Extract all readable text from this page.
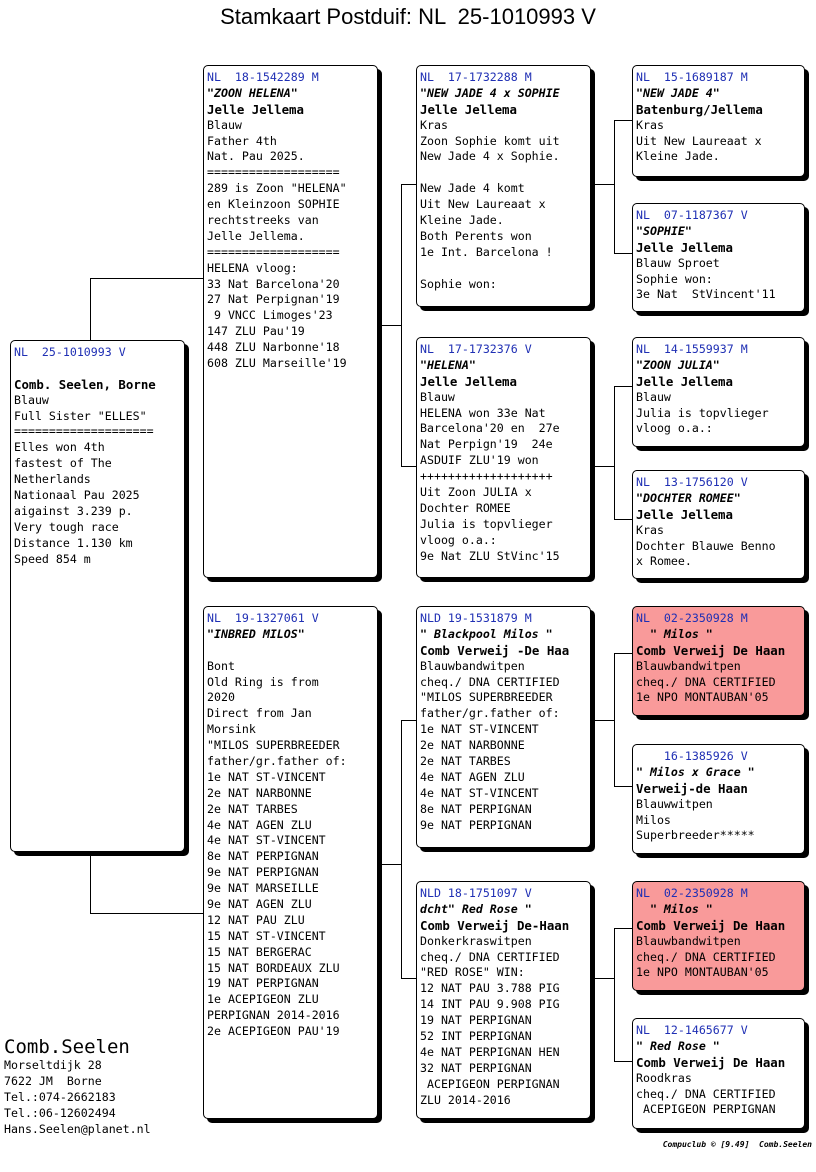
Stamkaart Postduif: NL  25-1010993 V
NL  25-1010993 V
Comb. Seelen, Borne
Blauw
Full Sister "ELLES"
====================
Elles won 4th
fastest of The
Netherlands
Nationaal Pau 2025
aigainst 3.239 p.
Very tough race
Distance 1.130 km
Speed 854 m
NL  18-1542289 M
"ZOON HELENA"
Jelle Jellema
Blauw
Father 4th
Nat. Pau 2025.
===================
289 is Zoon "HELENA"
en Kleinzoon SOPHIE
rechtstreeks van
Jelle Jellema.
===================
HELENA vloog:
33 Nat Barcelona'20
27 Nat Perpignan'19
9 VNCC Limoges'23
147 ZLU Pau'19
448 ZLU Narbonne'18
608 ZLU Marseille'19
NL  19-1327061 V
"INBRED MILOS"
Bont
Old Ring is from
2020
Direct from Jan
Morsink
"MILOS SUPERBREEDER
father/gr.father of:
1e NAT ST-VINCENT
2e NAT NARBONNE
2e NAT TARBES
4e NAT AGEN ZLU
4e NAT ST-VINCENT
8e NAT PERPIGNAN
9e NAT PERPIGNAN
9e NAT MARSEILLE
9e NAT AGEN ZLU
12 NAT PAU ZLU
15 NAT ST-VINCENT
15 NAT BERGERAC
15 NAT BORDEAUX ZLU
19 NAT PERPIGNAN
1e ACEPIGEON ZLU
PERPIGNAN 2014-2016
2e ACEPIGEON PAU'19
NL  17-1732288 M
"NEW JADE 4 x SOPHIE
Jelle Jellema
Kras
Zoon Sophie komt uit
New Jade 4 x Sophie.
New Jade 4 komt
Uit New Laureaat x
Kleine Jade.
Both Perents won
1e Int. Barcelona !
Sophie won:
NL  17-1732376 V
"HELENA"
Jelle Jellema
Blauw
HELENA won 33e Nat
Barcelona'20 en  27e
Nat Perpign'19  24e
ASDUIF ZLU'19 won
+++++++++++++++++++
Uit Zoon JULIA x
Dochter ROMEE
Julia is topvlieger
vloog o.a.:
9e Nat ZLU StVinc'15
NLD 19-1531879 M
" Blackpool Milos "
Comb Verweij -De Haa
Blauwbandwitpen
cheq./ DNA CERTIFIED
"MILOS SUPERBREEDER
father/gr.father of:
1e NAT ST-VINCENT
2e NAT NARBONNE
2e NAT TARBES
4e NAT AGEN ZLU
4e NAT ST-VINCENT
8e NAT PERPIGNAN
9e NAT PERPIGNAN
NLD 18-1751097 V
dcht" Red Rose "
Comb Verweij De-Haan
Donkerkraswitpen
cheq./ DNA CERTIFIED
"RED ROSE" WIN:
12 NAT PAU 3.788 PIG
14 INT PAU 9.908 PIG
19 NAT PERPIGNAN
52 INT PERPIGNAN
4e NAT PERPIGNAN HEN
32 NAT PERPIGNAN
ACEPIGEON PERPIGNAN
ZLU 2014-2016
NL  15-1689187 M
"NEW JADE 4"
Batenburg/Jellema
Kras
Uit New Laureaat x
Kleine Jade.
NL  07-1187367 V
"SOPHIE"
Jelle Jellema
Blauw Sproet
Sophie won:
3e Nat  StVincent'11
NL  14-1559937 M
"ZOON JULIA"
Jelle Jellema
Blauw
Julia is topvlieger
vloog o.a.:
NL  13-1756120 V
"DOCHTER ROMEE"
Jelle Jellema
Kras
Dochter Blauwe Benno
x Romee.
NL  02-2350928 M
" Milos "
Comb Verweij De Haan
Blauwbandwitpen
cheq./ DNA CERTIFIED
1e NPO MONTAUBAN'05
16-1385926 V
" Milos x Grace "
Verweij-de Haan
Blauwwitpen
Milos
Superbreeder*****
NL  02-2350928 M
" Milos "
Comb Verweij De Haan
Blauwbandwitpen
cheq./ DNA CERTIFIED
1e NPO MONTAUBAN'05
NL  12-1465677 V
" Red Rose "
Comb Verweij De Haan
Roodkras
cheq./ DNA CERTIFIED
ACEPIGEON PERPIGNAN
Comb.Seelen
Morseltdijk 28
7622 JM  Borne
Tel.:074-2662183
Tel.:06-12602494
Hans.Seelen@planet.nl
Compuclub © [9.49]  Comb.Seelen
